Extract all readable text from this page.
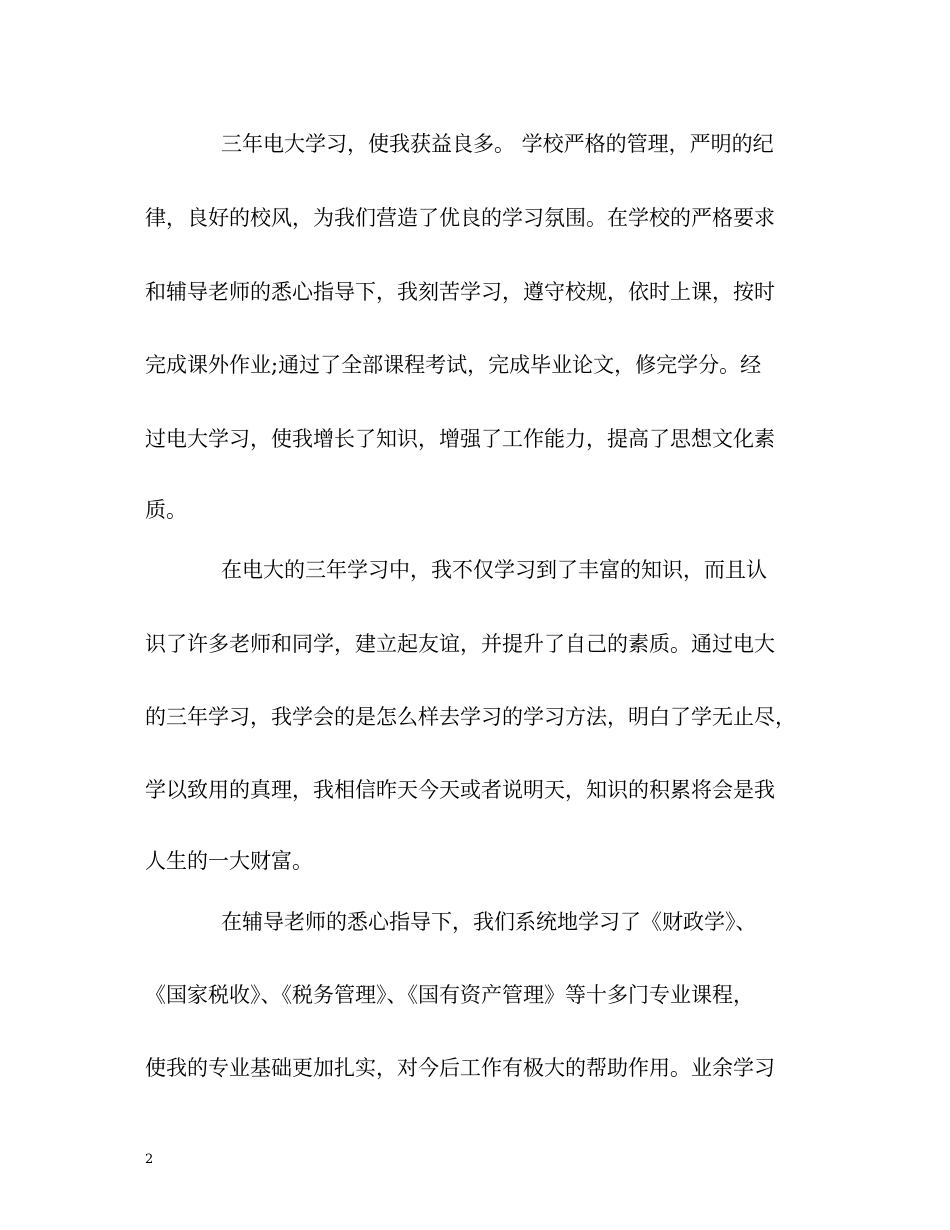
三年电大学习，使我获益良多。 学校严格的管理，严明的纪
律，良好的校风，为我们营造了优良的学习氛围。在学校的严格要求
和辅导老师的悉心指导下，我刻苦学习，遵守校规，依时上课，按时
完成课外作业;通过了全部课程考试，完成毕业论文，修完学分。经
过电大学习，使我增长了知识，增强了工作能力，提高了思想文化素
质。
在电大的三年学习中，我不仅学习到了丰富的知识，而且认
识了许多老师和同学，建立起友谊，并提升了自己的素质。通过电大
的三年学习，我学会的是怎么样去学习的学习方法，明白了学无止尽，
学以致用的真理，我相信昨天今天或者说明天，知识的积累将会是我
人生的一大财富。
在辅导老师的悉心指导下，我们系统地学习了《财政学》、
《国家税收》、《税务管理》、《国有资产管理》等十多门专业课程，
使我的专业基础更加扎实，对今后工作有极大的帮助作用。业余学习
2
